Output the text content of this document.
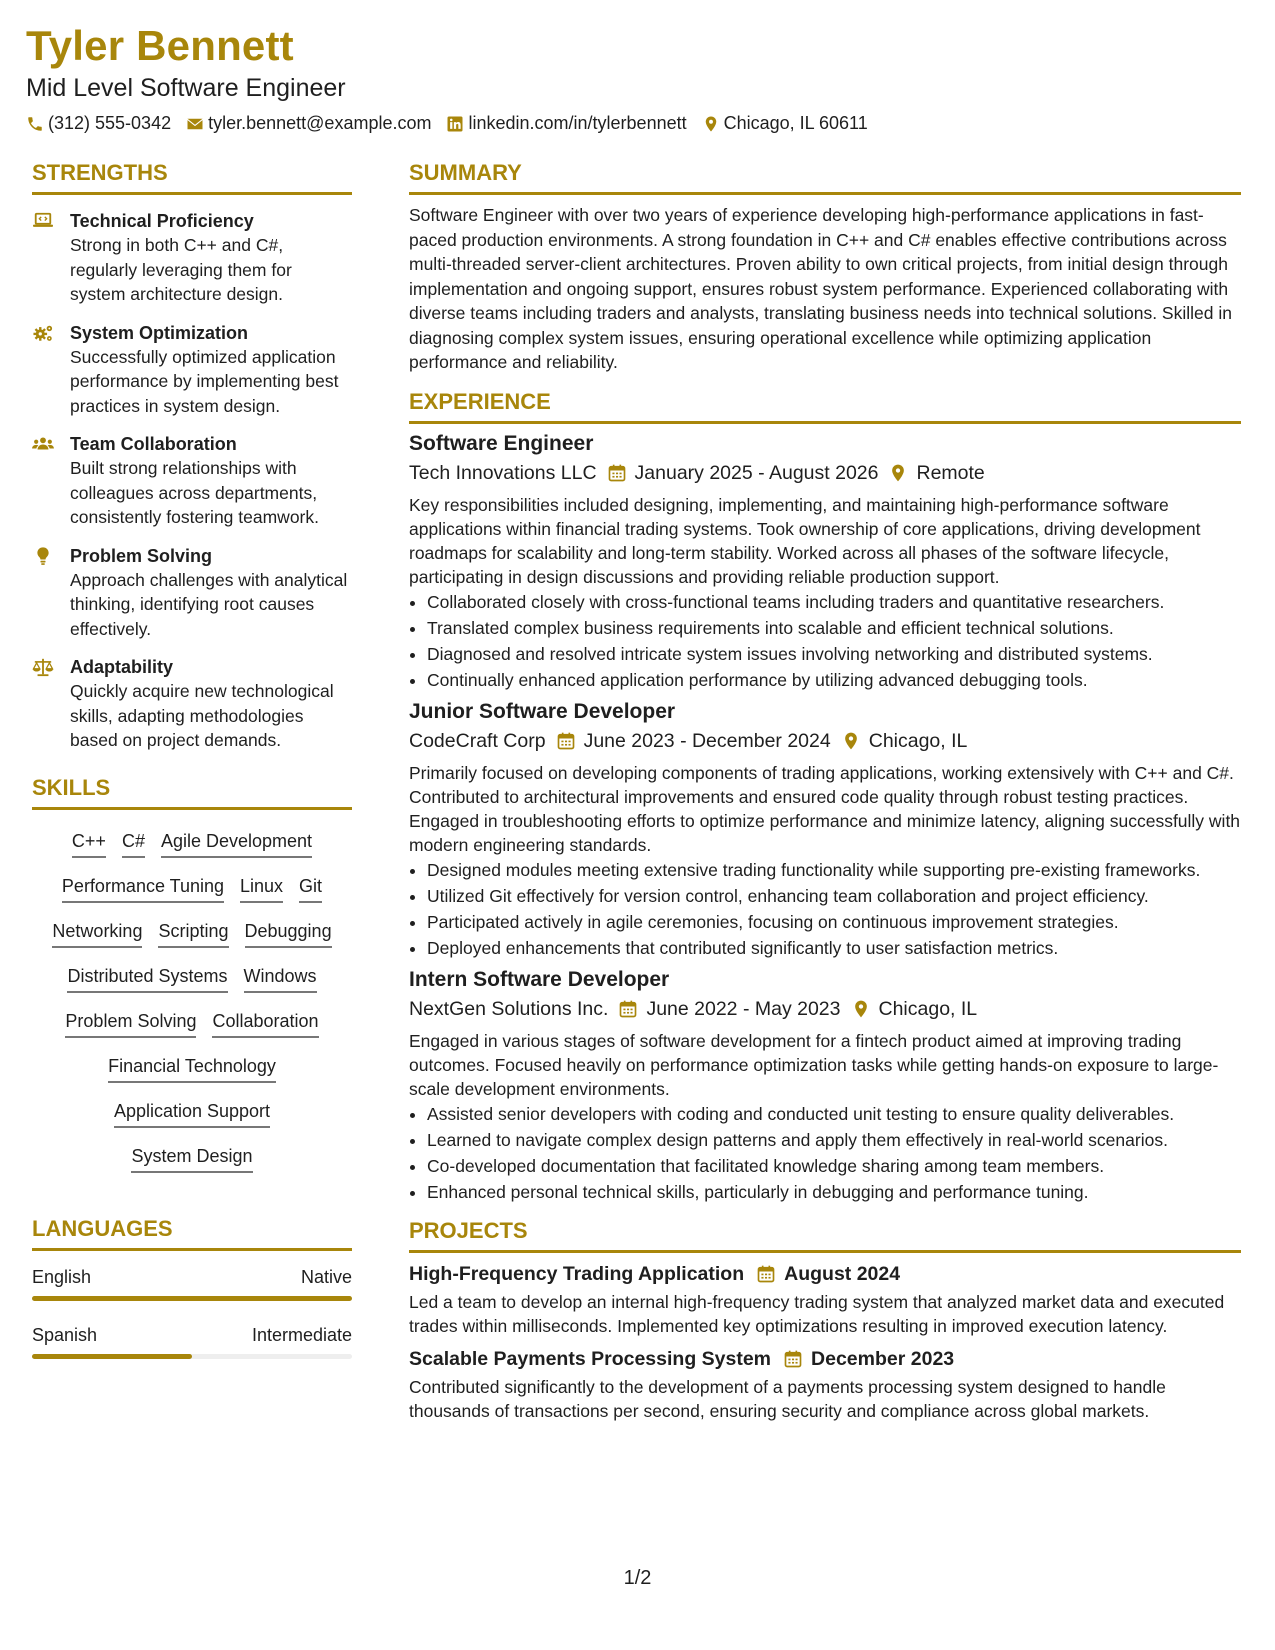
Tyler Bennett
Mid Level Software Engineer
(312) 555-0342 tyler.bennett@example.com linkedin.com/in/tylerbennett Chicago, IL 60611
STRENGTHS
Technical Proficiency
Strong in both C++ and C#, regularly leveraging them for system architecture design.
System Optimization
Successfully optimized application performance by implementing best practices in system design.
Team Collaboration
Built strong relationships with colleagues across departments, consistently fostering teamwork.
Problem Solving
Approach challenges with analytical thinking, identifying root causes effectively.
Adaptability
Quickly acquire new technological skills, adapting methodologies based on project demands.
SKILLS
C++ C# Agile Development
Performance Tuning Linux Git
Networking Scripting Debugging
Distributed Systems Windows
Problem Solving Collaboration
Financial Technology
Application Support
System Design
LANGUAGES
English	Native
Spanish	Intermediate
SUMMARY
Software Engineer with over two years of experience developing high-performance applications in fast-paced production environments. A strong foundation in C++ and C# enables effective contributions across multi-threaded server-client architectures. Proven ability to own critical projects, from initial design through implementation and ongoing support, ensures robust system performance. Experienced collaborating with diverse teams including traders and analysts, translating business needs into technical solutions. Skilled in diagnosing complex system issues, ensuring operational excellence while optimizing application performance and reliability.
EXPERIENCE
Software Engineer
Tech Innovations LLC January 2025 - August 2026 Remote
Key responsibilities included designing, implementing, and maintaining high-performance software applications within financial trading systems. Took ownership of core applications, driving development roadmaps for scalability and long-term stability. Worked across all phases of the software lifecycle, participating in design discussions and providing reliable production support.
• Collaborated closely with cross-functional teams including traders and quantitative researchers.
• Translated complex business requirements into scalable and efficient technical solutions.
• Diagnosed and resolved intricate system issues involving networking and distributed systems.
• Continually enhanced application performance by utilizing advanced debugging tools.
Junior Software Developer
CodeCraft Corp June 2023 - December 2024 Chicago, IL
Primarily focused on developing components of trading applications, working extensively with C++ and C#. Contributed to architectural improvements and ensured code quality through robust testing practices. Engaged in troubleshooting efforts to optimize performance and minimize latency, aligning successfully with modern engineering standards.
• Designed modules meeting extensive trading functionality while supporting pre-existing frameworks.
• Utilized Git effectively for version control, enhancing team collaboration and project efficiency.
• Participated actively in agile ceremonies, focusing on continuous improvement strategies.
• Deployed enhancements that contributed significantly to user satisfaction metrics.
Intern Software Developer
NextGen Solutions Inc. June 2022 - May 2023 Chicago, IL
Engaged in various stages of software development for a fintech product aimed at improving trading outcomes. Focused heavily on performance optimization tasks while getting hands-on exposure to large-scale development environments.
• Assisted senior developers with coding and conducted unit testing to ensure quality deliverables.
• Learned to navigate complex design patterns and apply them effectively in real-world scenarios.
• Co-developed documentation that facilitated knowledge sharing among team members.
• Enhanced personal technical skills, particularly in debugging and performance tuning.
PROJECTS
High-Frequency Trading Application August 2024
Led a team to develop an internal high-frequency trading system that analyzed market data and executed trades within milliseconds. Implemented key optimizations resulting in improved execution latency.
Scalable Payments Processing System December 2023
Contributed significantly to the development of a payments processing system designed to handle thousands of transactions per second, ensuring security and compliance across global markets.
1/2
